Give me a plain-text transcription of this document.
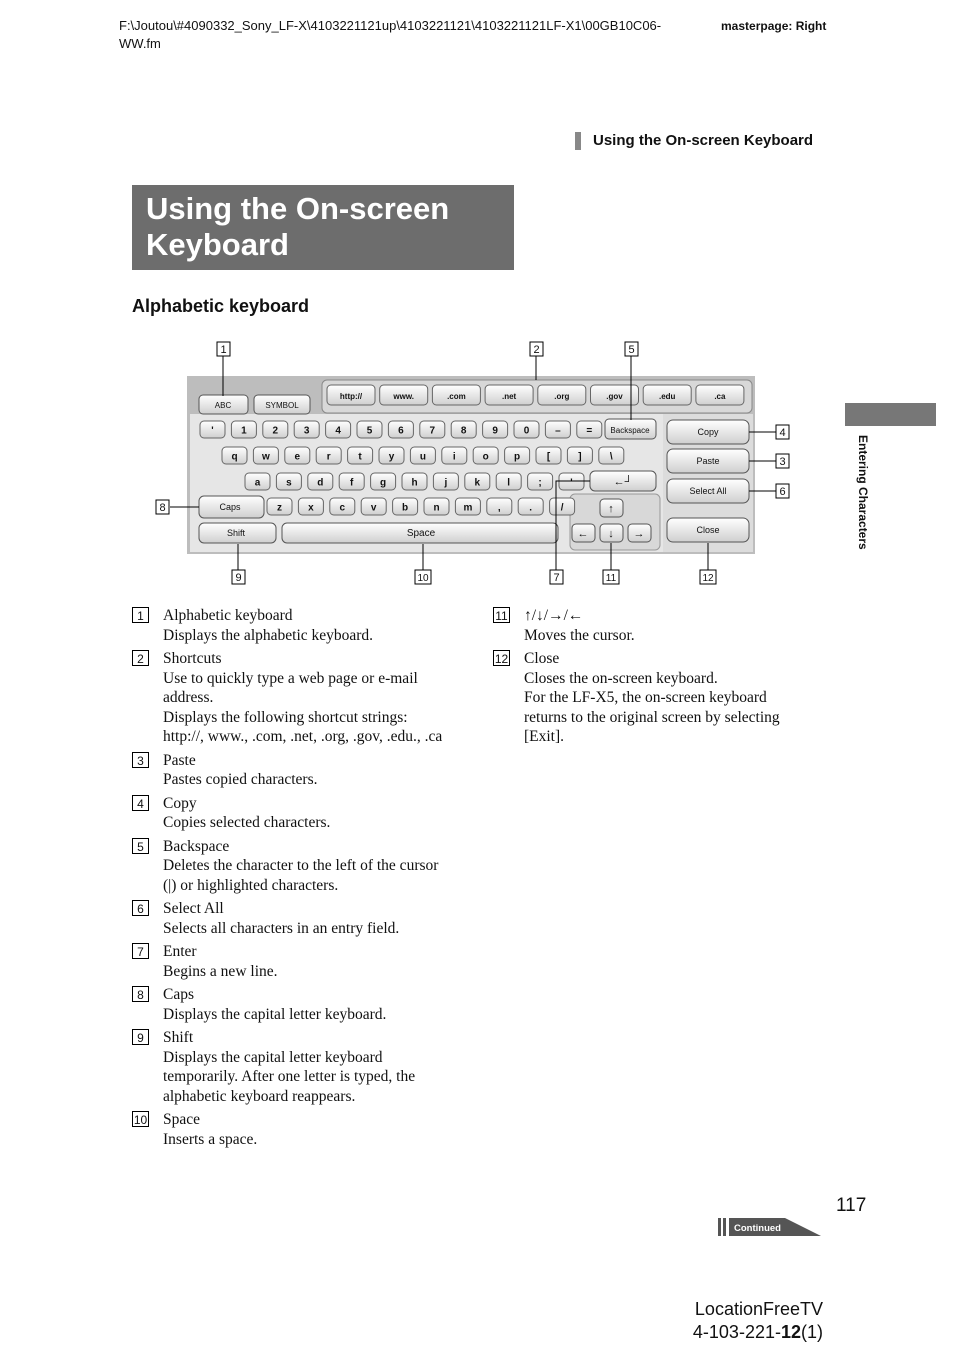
F:\Joutou\#4090332_Sony_LF-X\4103221121up\4103221121\4103221121LF-X1\00GB10C06-WW.fm
masterpage: Right
Using the On-screen Keyboard
Using the On-screen Keyboard
Alphabetic keyboard
Entering Characters
ABC	SYMBOL
http://	www.	.com	.net	.org	.gov	.edu	.ca
'	1	2	3	4	5	6	7	8	9	0	–	=
q w e	r	t	y	u	i	o	p	[	]	\
a	s	d	f	g	h	j	k	l	;	'
z	x	c	v	b	n m	,	.	/
Backspace
Caps
Shift	Space
←┘
↑
← ↓ →
Copy
Paste
Select All
Close
1	2	5
4
3
6
8
9	10	7	11	12
1	Alphabetic keyboard
Displays the alphabetic keyboard.
2	Shortcuts
Use to quickly type a web page or e-mail
address.
Displays the following shortcut strings:
http://, www., .com, .net, .org, .gov, .edu., .ca
3	Paste
Pastes copied characters.
4	Copy
Copies selected characters.
5	Backspace
Deletes the character to the left of the cursor
(|) or highlighted characters.
6	Select All
Selects all characters in an entry field.
7	Enter
Begins a new line.
8	Caps
Displays the capital letter keyboard.
9	Shift
Displays the capital letter keyboard
temporarily. After one letter is typed, the
alphabetic keyboard reappears.
10 Space
Inserts a space.
11 ↑/↓/→/←
Moves the cursor.
12 Close
Closes the on-screen keyboard.
For the LF-X5, the on-screen keyboard
returns to the original screen by selecting
[Exit].
117
Continued
LocationFreeTV
4-103-221-12(1)
